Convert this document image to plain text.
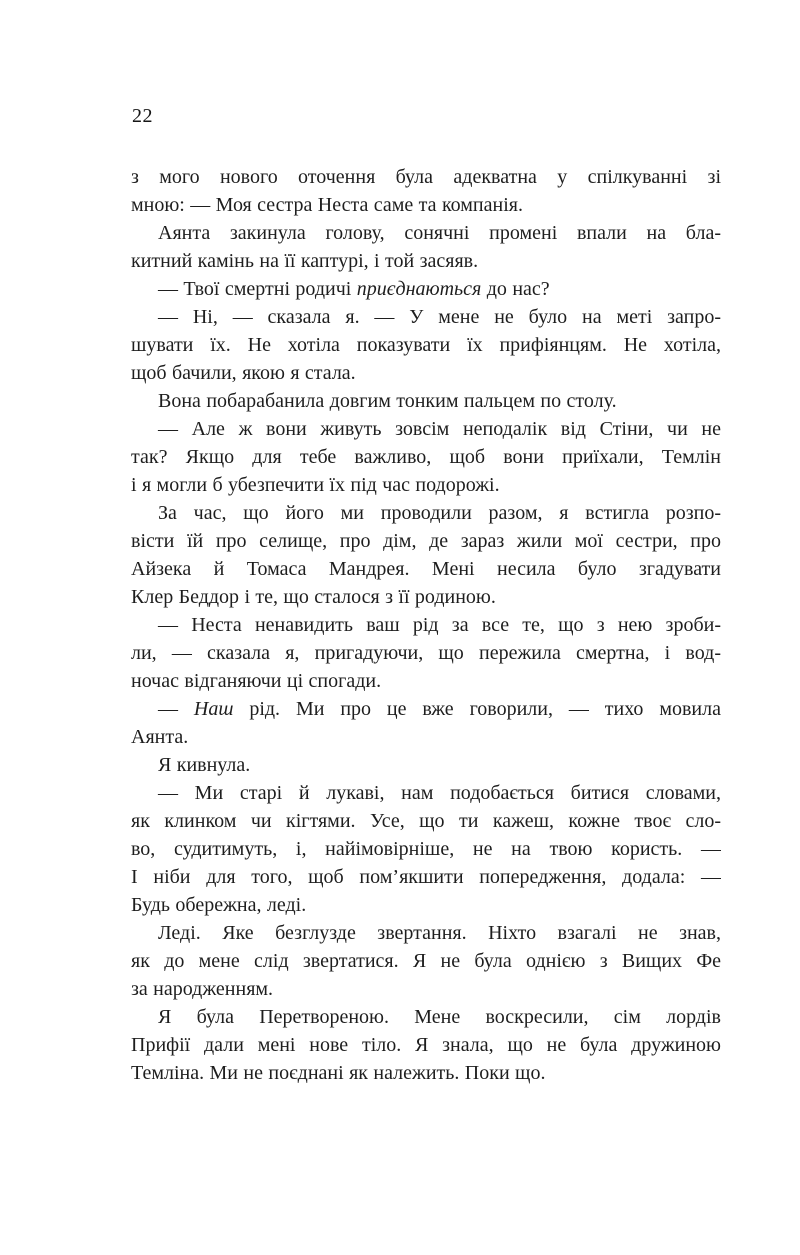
22
з мого нового оточення була адекватна у спілкуванні зі
мною: — Моя сестра Неста саме та компанія.
Аянта закинула голову, сонячні промені впали на бла-
китний камінь на її каптурі, і той засяяв.
— Твої смертні родичі приєднаються до нас?
— Ні, — сказала я. — У мене не було на меті запро-
шувати їх. Не хотіла показувати їх прифіянцям. Не хотіла,
щоб бачили, якою я стала.
Вона побарабанила довгим тонким пальцем по столу.
— Але ж вони живуть зовсім неподалік від Стіни, чи не
так? Якщо для тебе важливо, щоб вони приїхали, Темлін
і я могли б убезпечити їх під час подорожі.
За час, що його ми проводили разом, я встигла розпо-
вісти їй про селище, про дім, де зараз жили мої сестри, про
Айзека й Томаса Мандрея. Мені несила було згадувати
Клер Беддор і те, що сталося з її родиною.
— Неста ненавидить ваш рід за все те, що з нею зроби-
ли, — сказала я, пригадуючи, що пережила смертна, і вод-
ночас відганяючи ці спогади.
— Наш рід. Ми про це вже говорили, — тихо мовила
Аянта.
Я кивнула.
— Ми старі й лукаві, нам подобається битися словами,
як клинком чи кігтями. Усе, що ти кажеш, кожне твоє сло-
во, судитимуть, і, найімовірніше, не на твою користь. —
І ніби для того, щоб пом’якшити попередження, додала: —
Будь обережна, леді.
Леді. Яке безглузде звертання. Ніхто взагалі не знав,
як до мене слід звертатися. Я не була однією з Вищих Фе
за народженням.
Я була Перетвореною. Мене воскресили, сім лордів
Прифії дали мені нове тіло. Я знала, що не була дружиною
Темліна. Ми не поєднані як належить. Поки що.
